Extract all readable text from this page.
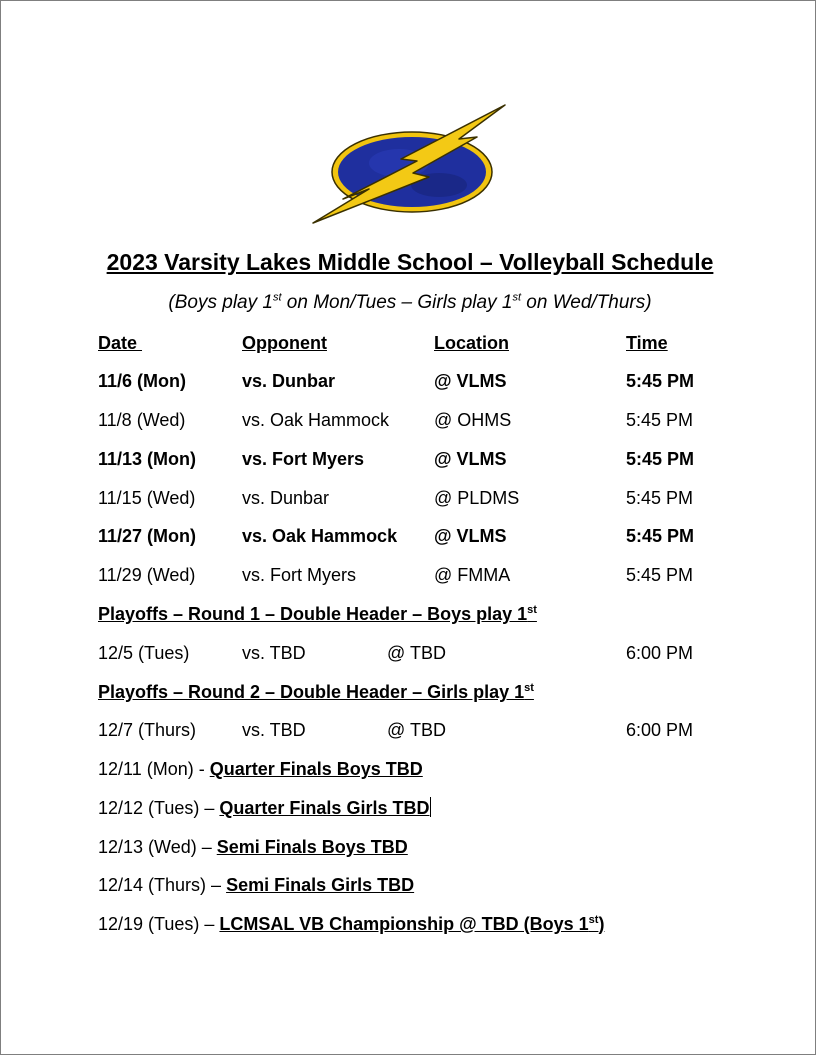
2023 Varsity Lakes Middle School – Volleyball Schedule
(Boys play 1st on Mon/Tues – Girls play 1st on Wed/Thurs)
Date	Opponent	Location	Time
11/6 (Mon)	vs. Dunbar	@ VLMS	5:45 PM
11/8 (Wed)	vs. Oak Hammock @ OHMS	5:45 PM
11/13 (Mon)	vs. Fort Myers	@ VLMS	5:45 PM
11/15 (Wed)	vs. Dunbar	@ PLDMS	5:45 PM
11/27 (Mon)	vs. Oak Hammock @ VLMS	5:45 PM
11/29 (Wed)	vs. Fort Myers	@ FMMA	5:45 PM
Playoffs – Round 1 – Double Header – Boys play 1st
12/5 (Tues)	vs. TBD	@ TBD	6:00 PM
Playoffs – Round 2 – Double Header – Girls play 1st
12/7 (Thurs)	vs. TBD	@ TBD	6:00 PM
12/11 (Mon) - Quarter Finals Boys TBD
12/12 (Tues) – Quarter Finals Girls TBD
12/13 (Wed) – Semi Finals Boys TBD
12/14 (Thurs) – Semi Finals Girls TBD
12/19 (Tues) – LCMSAL VB Championship @ TBD (Boys 1st)
